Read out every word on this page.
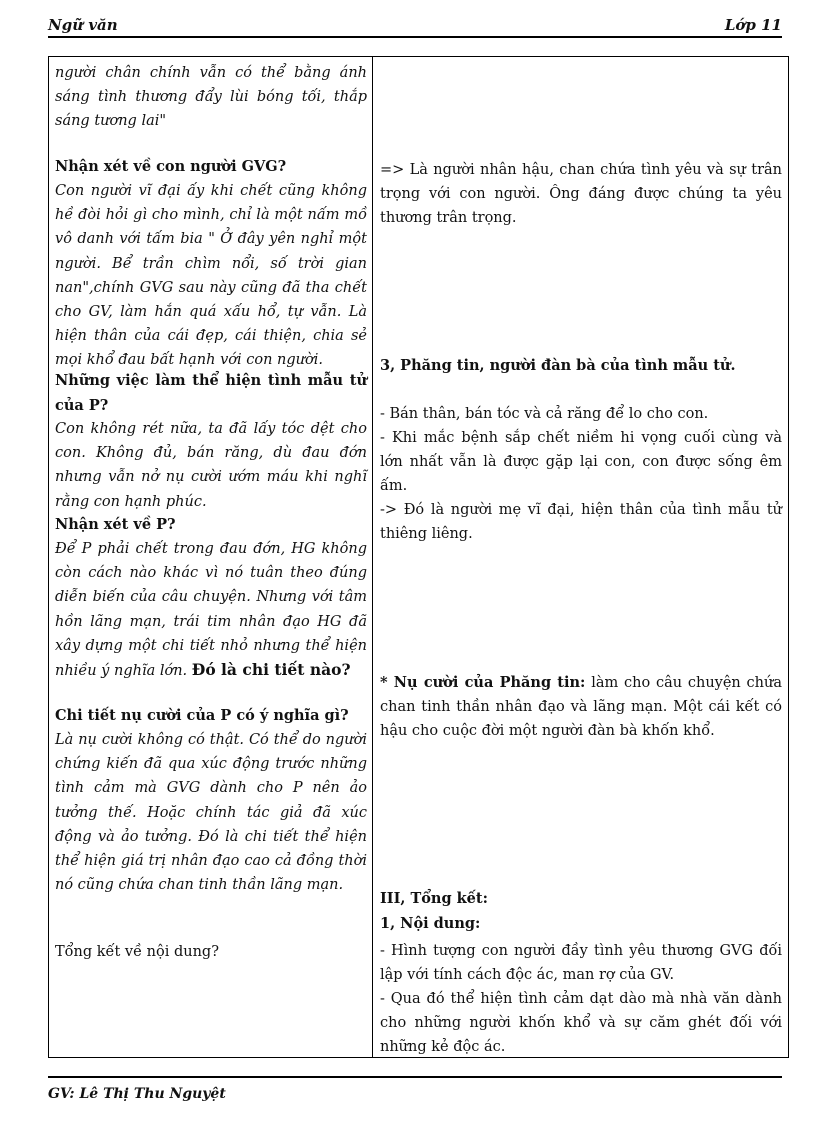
Ngữ văn	Lớp 11
người chân chính vẫn có thể bằng ánh sáng tình thương đẩy lùi bóng tối, thắp sáng tương lai"
Nhận xét về con người GVG?
Con người vĩ đại ấy khi chết cũng không hề đòi hỏi gì cho mình, chỉ là một nấm mồ vô danh với tấm bia " Ở đây yên nghỉ một người. Bể trần chìm nổi, số trời gian nan",chính GVG sau này cũng đã tha chết cho GV, làm hắn quá xấu hổ, tự vẫn. Là hiện thân của cái đẹp, cái thiện, chia sẻ mọi khổ đau bất hạnh với con người.
Những việc làm thể hiện tình mẫu tử của P?
Con không rét nữa, ta đã lấy tóc dệt cho con. Không đủ, bán răng, dù đau đớn nhưng vẫn nở nụ cười ướm máu khi nghĩ rằng con hạnh phúc.
Nhận xét về P?
Để P phải chết trong đau đớn, HG không còn cách nào khác vì nó tuân theo đúng diễn biến của câu chuyện. Nhưng với tâm hồn lãng mạn, trái tim nhân đạo HG đã xây dựng một chi tiết nhỏ nhưng thể hiện nhiều ý nghĩa lớn. Đó là chi tiết nào?
Chi tiết nụ cười của P có ý nghĩa gì?
Là nụ cười không có thật. Có thể do người chứng kiến đã qua xúc động trước những tình cảm mà GVG dành cho P nên ảo tưởng thế. Hoặc chính tác giả đã xúc động và ảo tưởng. Đó là chi tiết thể hiện thể hiện giá trị nhân đạo cao cả đồng thời nó cũng chứa chan tinh thần lãng mạn.
Tổng kết về nội dung?
=> Là người nhân hậu, chan chứa tình yêu và sự trân trọng với con người. Ông đáng được chúng ta yêu thương trân trọng.
3, Phăng tin, người đàn bà của tình mẫu tử.
- Bán thân, bán tóc và cả răng để lo cho con.
- Khi mắc bệnh sắp chết niềm hi vọng cuối cùng và lớn nhất vẫn là được gặp lại con, con được sống êm ấm.
-> Đó là người mẹ vĩ đại, hiện thân của tình mẫu tử thiêng liêng.
* Nụ cười của Phăng tin: làm cho câu chuyện chứa chan tinh thần nhân đạo và lãng mạn. Một cái kết có hậu cho cuộc đời một người đàn bà khốn khổ.
III, Tổng kết:
1, Nội dung:
- Hình tượng con người đầy tình yêu thương GVG đối lập với tính cách độc ác, man rợ của GV.
- Qua đó thể hiện tình cảm dạt dào mà nhà văn dành cho những người khốn khổ và sự căm ghét đối với những kẻ độc ác.
GV: Lê Thị Thu Nguyệt
